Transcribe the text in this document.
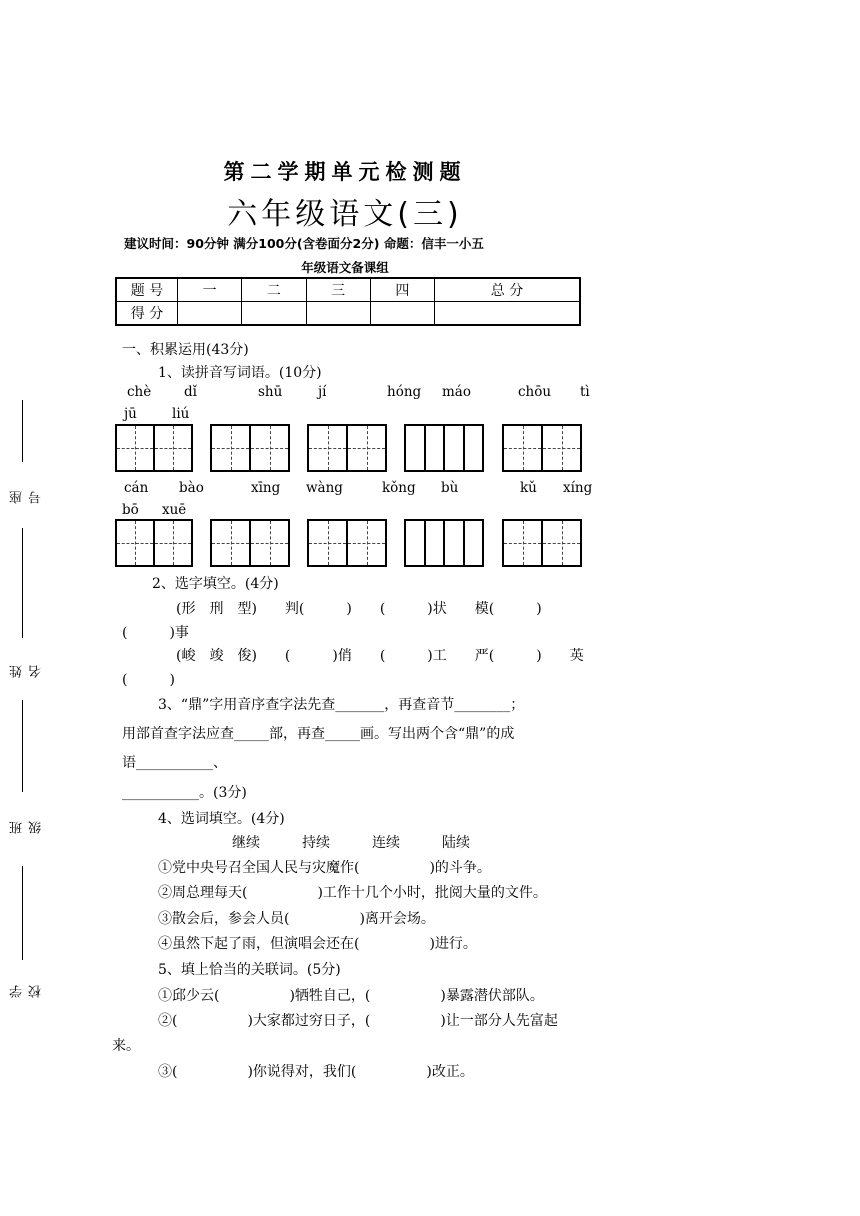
第二学期单元检测题
六年级语文(三)
建议时间：90分钟 满分100分(含卷面分2分) 命题：信丰一小五
年级语文备课组
题 号	一	二	三	四	总 分
得 分					
一、积累运用(43分)
1、读拼音写词语。(10分)
chè dǐ	shū	jí	hóng máo	chōu tì
jū	liú
cán bào	xīng wàng	kǒng bù	kǔ xíng
bō xuē
2、选字填空。(4分)
(形　刑　型)　　判(　　　)　　(　　　)状　　模(　　　)
(　　　)事
(峻　竣　俊)　　(　　　)俏　　(　　　)工　　严(　　　)　　英
(　　　)
3、“鼎”字用音序查字法先查_______，再查音节________；
用部首查字法应查_____部，再查_____画。写出两个含“鼎”的成
语___________、
___________。(3分)
4、选词填空。(4分)
继续　　　持续　　　连续　　　陆续
①党中央号召全国人民与灾魔作(　　　　　)的斗争。
②周总理每天(　　　　　)工作十几个小时，批阅大量的文件。
③散会后，参会人员(　　　　　)离开会场。
④虽然下起了雨，但演唱会还在(　　　　　)进行。
5、填上恰当的关联词。(5分)
①邱少云(　　　　　)牺牲自己，(　　　　　)暴露潜伏部队。
②(　　　　　)大家都过穷日子，(　　　　　)让一部分人先富起
来。
③(　　　　　)你说得对，我们(　　　　　)改正。
座 号
姓 名
班 级
学 校
